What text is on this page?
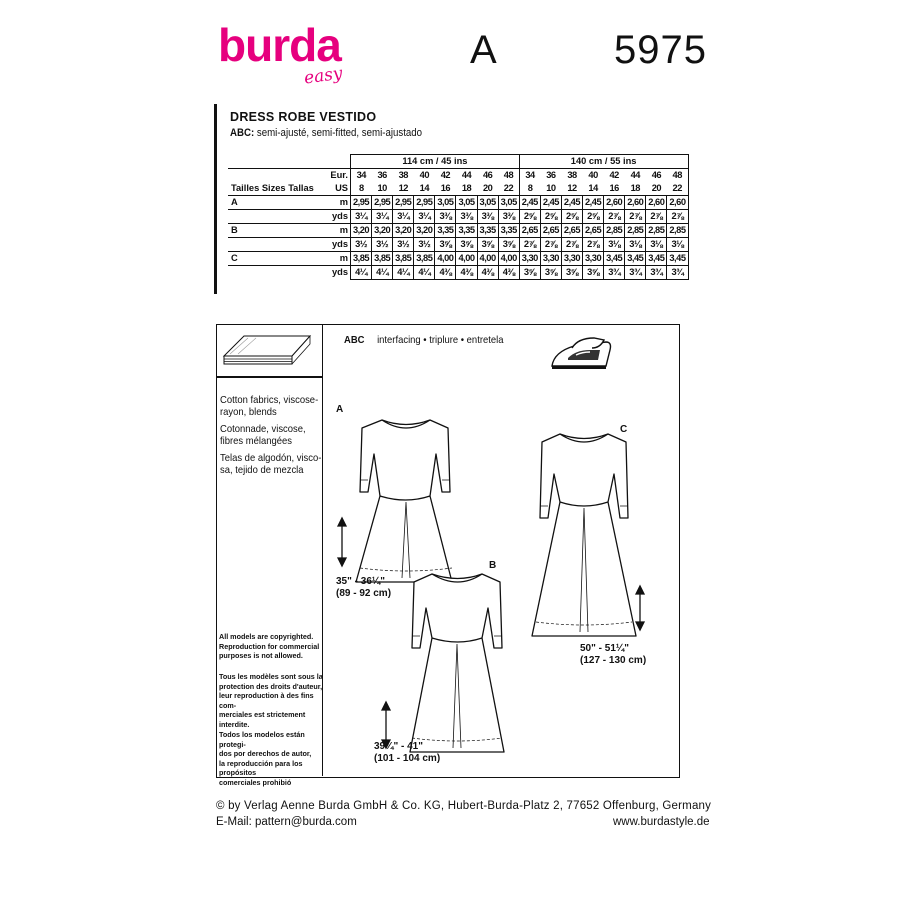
burda
easy
A	5975
DRESS ROBE VESTIDO
ABC: semi-ajusté, semi-fitted, semi-ajustado
		114 cm / 45 ins								140 cm / 55 ins							
	Eur.	34	36	38	40	42	44	46	48	34	36	38	40	42	44	46	48
Tailles Sizes Tallas	US	8	10	12	14	16	18	20	22	8	10	12	14	16	18	20	22
A	m	2,95	2,95	2,95	2,95	3,05	3,05	3,05	3,05	2,45	2,45	2,45	2,45	2,60	2,60	2,60	2,60
	yds	3¼	3¼	3¼	3¼	3⅜	3⅜	3⅜	3⅜	2⅝	2⅝	2⅝	2⅝	2⅞	2⅞	2⅞	2⅞
B	m	3,20	3,20	3,20	3,20	3,35	3,35	3,35	3,35	2,65	2,65	2,65	2,65	2,85	2,85	2,85	2,85
	yds	3½	3½	3½	3½	3⅝	3⅝	3⅝	3⅝	2⅞	2⅞	2⅞	2⅞	3⅛	3⅛	3⅛	3⅛
C	m	3,85	3,85	3,85	3,85	4,00	4,00	4,00	4,00	3,30	3,30	3,30	3,30	3,45	3,45	3,45	3,45
	yds	4¼	4¼	4¼	4¼	4⅜	4⅜	4⅜	4⅜	3⅝	3⅝	3⅝	3⅝	3¾	3¾	3¾	3¾
Cotton fabrics, viscose-
rayon, blends
Cotonnade, viscose,
fibres mélangées
Telas de algodón, visco-
sa, tejido de mezcla
All models are copyrighted.
Reproduction for commercial
purposes is not allowed.
Tous les modèles sont sous la
protection des droits d'auteur,
leur reproduction à des fins com-
merciales est strictement interdite.
Todos los modelos están protegi-
dos por derechos de autor,
la reproducción para los propósitos
comerciales prohibió
ABC interfacing • triplure • entretela
A
C
B
35" - 36¼"
(89 - 92 cm)
39¾" - 41"
(101 - 104 cm)
50" - 51¼"
(127 - 130 cm)
© by Verlag Aenne Burda GmbH & Co. KG, Hubert-Burda-Platz 2, 77652 Offenburg, Germany
E-Mail: pattern@burda.com	www.burdastyle.de
